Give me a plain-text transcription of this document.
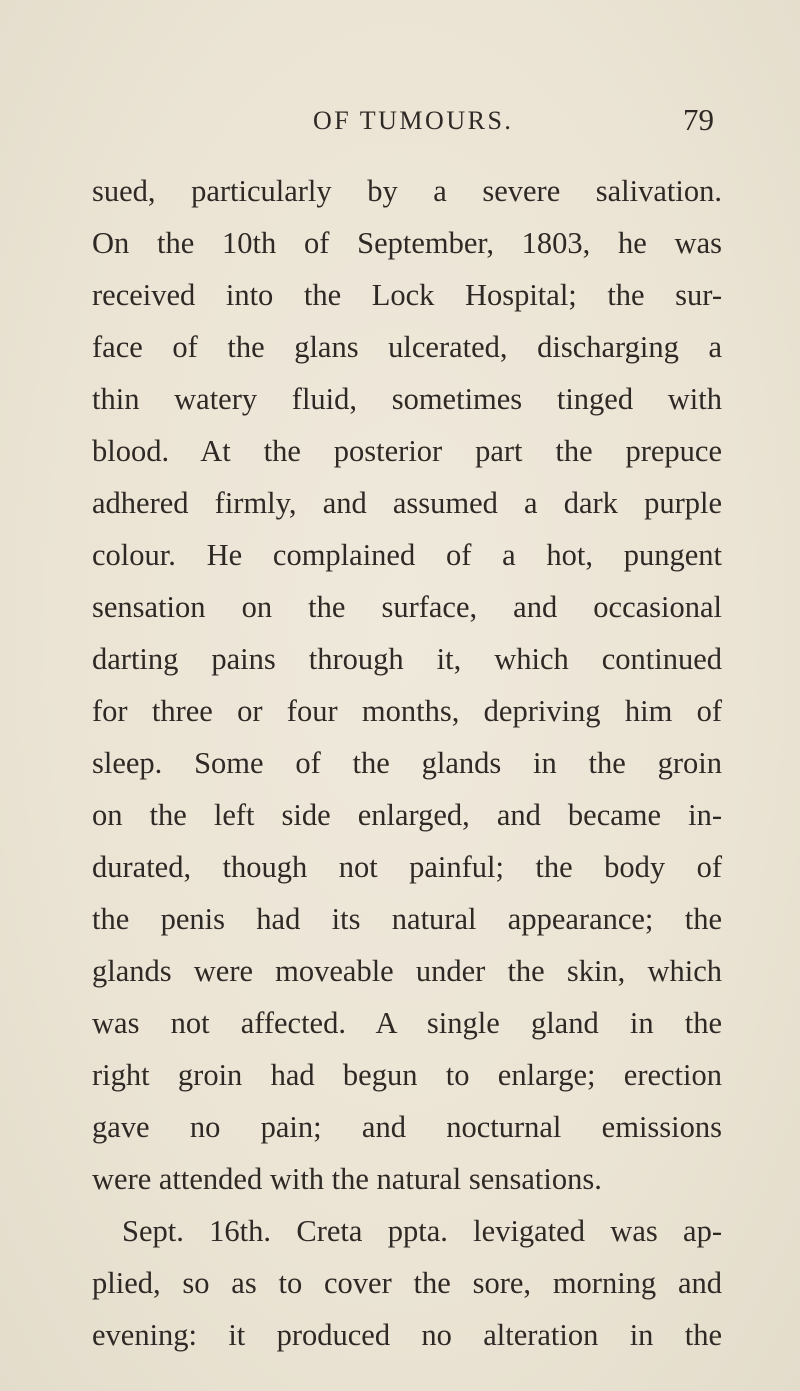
OF TUMOURS.	79
sued, particularly by a severe salivation.
On the 10th of September, 1803, he was
received into the Lock Hospital; the sur-
face of the glans ulcerated, discharging a
thin watery fluid, sometimes tinged with
blood. At the posterior part the prepuce
adhered firmly, and assumed a dark purple
colour. He complained of a hot, pungent
sensation on the surface, and occasional
darting pains through it, which continued
for three or four months, depriving him of
sleep. Some of the glands in the groin
on the left side enlarged, and became in-
durated, though not painful; the body of
the penis had its natural appearance; the
glands were moveable under the skin, which
was not affected. A single gland in the
right groin had begun to enlarge; erection
gave no pain; and nocturnal emissions
were attended with the natural sensations.
Sept. 16th. Creta ppta. levigated was ap-
plied, so as to cover the sore, morning and
evening: it produced no alteration in the
